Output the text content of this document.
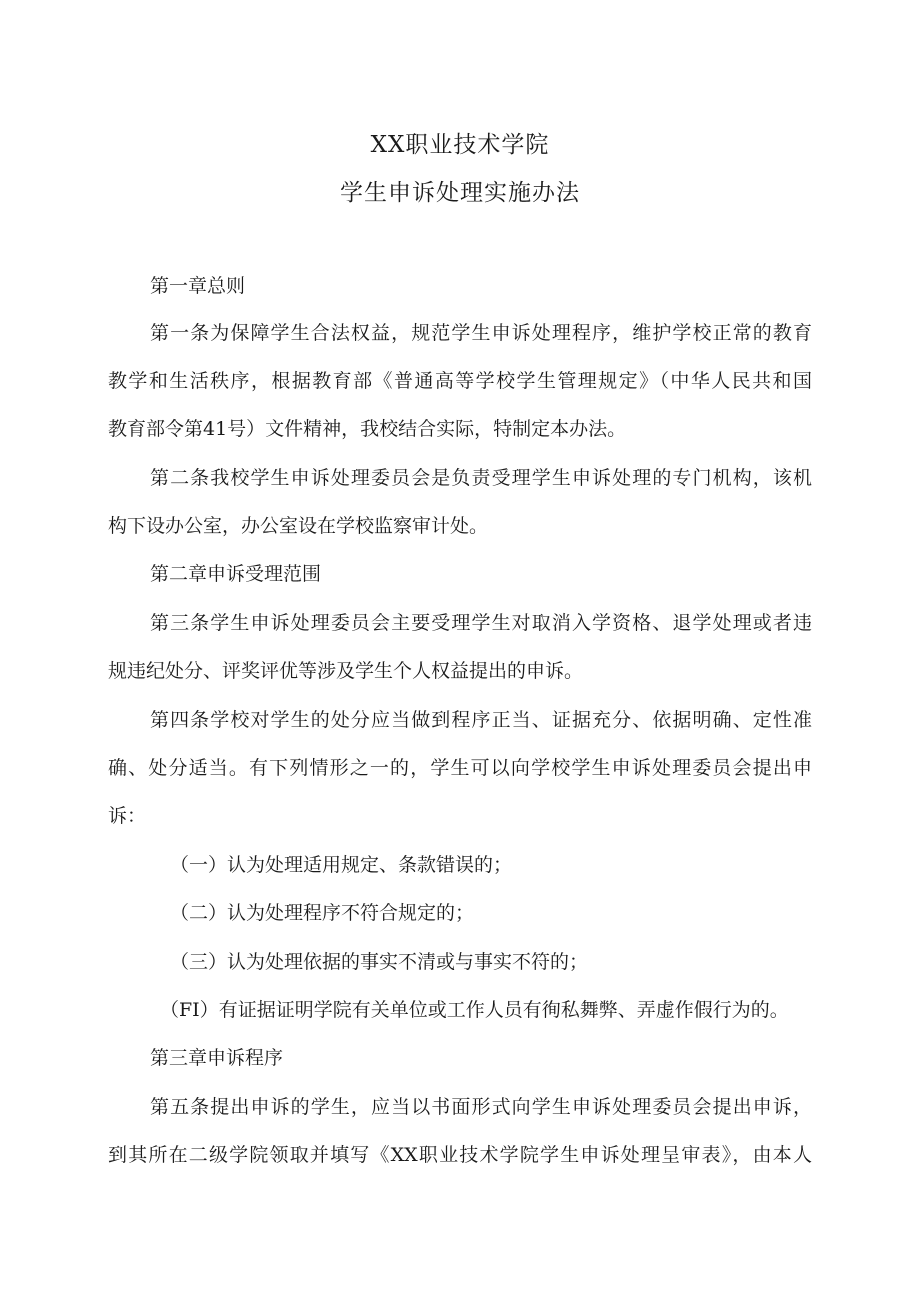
XX职业技术学院
学生申诉处理实施办法
第一章总则
第一条为保障学生合法权益，规范学生申诉处理程序，维护学校正常的教育
教学和生活秩序，根据教育部《普通高等学校学生管理规定》（中华人民共和国
教育部令第41号）文件精神，我校结合实际，特制定本办法。
第二条我校学生申诉处理委员会是负责受理学生申诉处理的专门机构，该机
构下设办公室，办公室设在学校监察审计处。
第二章申诉受理范围
第三条学生申诉处理委员会主要受理学生对取消入学资格、退学处理或者违
规违纪处分、评奖评优等涉及学生个人权益提出的申诉。
第四条学校对学生的处分应当做到程序正当、证据充分、依据明确、定性准
确、处分适当。有下列情形之一的，学生可以向学校学生申诉处理委员会提出申
诉：
（一）认为处理适用规定、条款错误的；
（二）认为处理程序不符合规定的；
（三）认为处理依据的事实不清或与事实不符的；
（FI）有证据证明学院有关单位或工作人员有徇私舞弊、弄虚作假行为的。
第三章申诉程序
第五条提出申诉的学生，应当以书面形式向学生申诉处理委员会提出申诉，
到其所在二级学院领取并填写《XX职业技术学院学生申诉处理呈审表》，由本人
